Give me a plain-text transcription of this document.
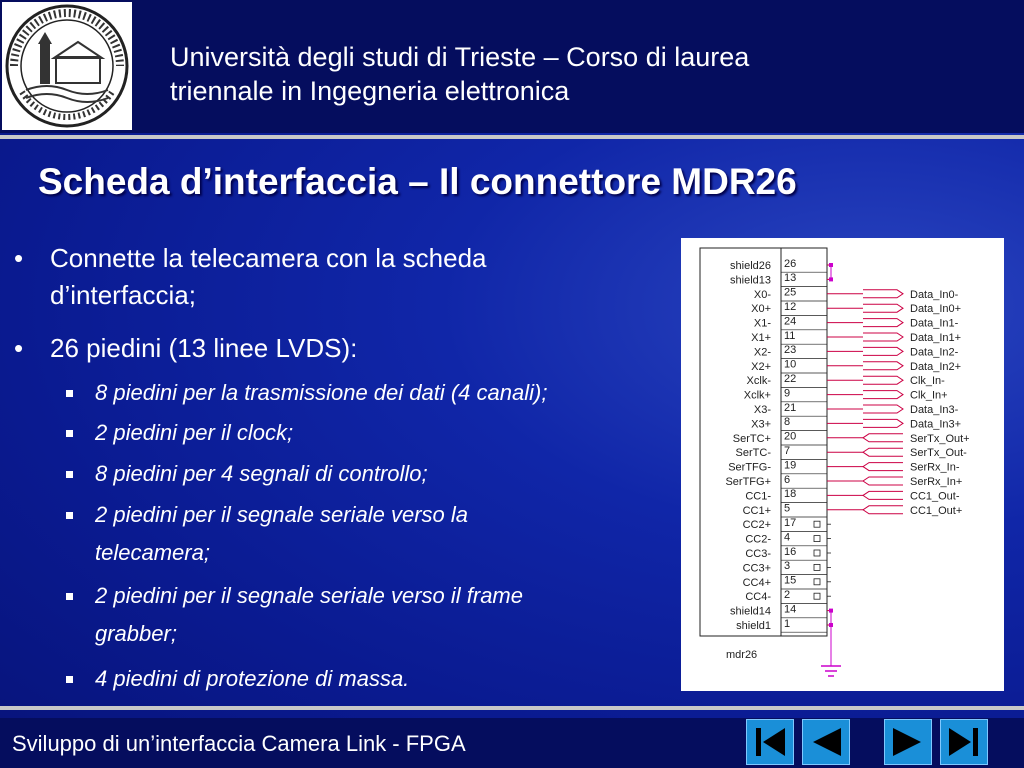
Università degli studi di Trieste – Corso di laurea
triennale in Ingegneria elettronica
Scheda d’interfaccia – Il connettore MDR26
• Connette la telecamera con la scheda
d’interfaccia;
• 26 piedini (13 linee LVDS):
8 piedini per la trasmissione dei dati (4 canali);
2 piedini per il clock;
8 piedini per 4 segnali di controllo;
2 piedini per il segnale seriale verso la
telecamera;
2 piedini per il segnale seriale verso il frame
grabber;
4 piedini di protezione di massa.
shield26
shield13
X0-
X0+
X1-
X1+
X2-
X2+
Xclk-
Xclk+
X3-
X3+
SerTC+
SerTC-
SerTFG-
SerTFG+
CC1-
CC1+
CC2+
CC2-
CC3-
CC3+
CC4+
CC4-
shield14
shield1
26
13
25
12
24
11
23
10
22
9
21
8
20
7
19
6
18
5
17
4
16
3
15
2
14
1
Data_In0-
Data_In0+
Data_In1-
Data_In1+
Data_In2-
Data_In2+
Clk_In-
Clk_In+
Data_In3-
Data_In3+
SerTx_Out+
SerTx_Out-
SerRx_In-
SerRx_In+
CC1_Out-
CC1_Out+
mdr26
Sviluppo di un’interfaccia Camera Link - FPGA
